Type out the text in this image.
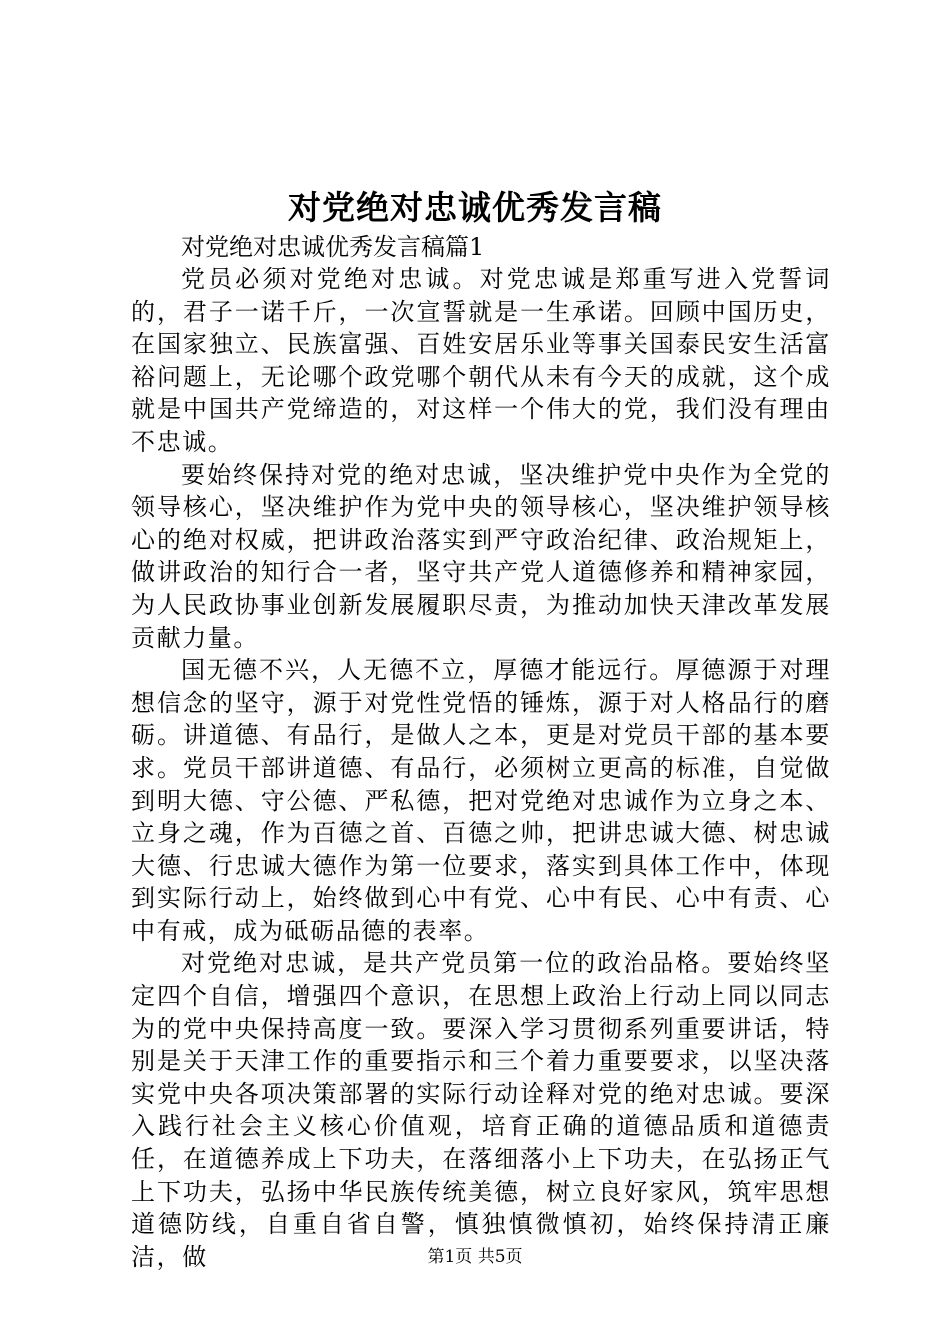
对党绝对忠诚优秀发言稿

对党绝对忠诚优秀发言稿篇1

党员必须对党绝对忠诚。对党忠诚是郑重写进入党誓词的，君子一诺千斤，一次宣誓就是一生承诺。回顾中国历史，在国家独立、民族富强、百姓安居乐业等事关国泰民安生活富裕问题上，无论哪个政党哪个朝代从未有今天的成就，这个成就是中国共产党缔造的，对这样一个伟大的党，我们没有理由不忠诚。

要始终保持对党的绝对忠诚，坚决维护党中央作为全党的领导核心，坚决维护作为党中央的领导核心，坚决维护领导核心的绝对权威，把讲政治落实到严守政治纪律、政治规矩上，做讲政治的知行合一者，坚守共产党人道德修养和精神家园，为人民政协事业创新发展履职尽责，为推动加快天津改革发展贡献力量。

国无德不兴，人无德不立，厚德才能远行。厚德源于对理想信念的坚守，源于对党性党悟的锤炼，源于对人格品行的磨砺。讲道德、有品行，是做人之本，更是对党员干部的基本要求。党员干部讲道德、有品行，必须树立更高的标准，自觉做到明大德、守公德、严私德，把对党绝对忠诚作为立身之本、立身之魂，作为百德之首、百德之帅，把讲忠诚大德、树忠诚大德、行忠诚大德作为第一位要求，落实到具体工作中，体现到实际行动上，始终做到心中有党、心中有民、心中有责、心中有戒，成为砥砺品德的表率。

对党绝对忠诚，是共产党员第一位的政治品格。要始终坚定四个自信，增强四个意识，在思想上政治上行动上同以同志为的党中央保持高度一致。要深入学习贯彻系列重要讲话，特别是关于天津工作的重要指示和三个着力重要要求，以坚决落实党中央各项决策部署的实际行动诠释对党的绝对忠诚。要深入践行社会主义核心价值观，培育正确的道德品质和道德责任，在道德养成上下功夫，在落细落小上下功夫，在弘扬正气上下功夫，弘扬中华民族传统美德，树立良好家风，筑牢思想道德防线，自重自省自警，慎独慎微慎初，始终保持清正廉洁，做	第1页 共5页
